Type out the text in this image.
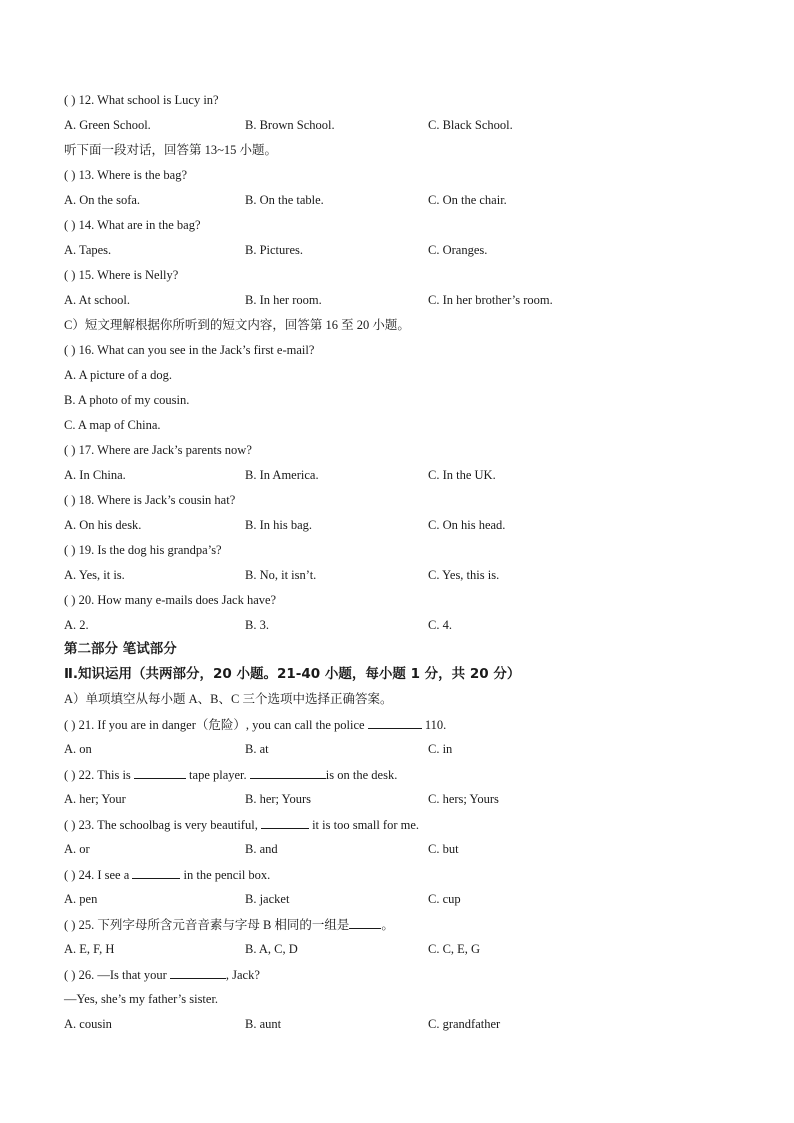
( ) 12. What school is Lucy in?
A. Green School.	B. Brown School.	C. Black School.
听下面一段对话，回答第 13~15 小题。
( ) 13. Where is the bag?
A. On the sofa.	B. On the table.	C. On the chair.
( ) 14. What are in the bag?
A. Tapes.	B. Pictures.	C. Oranges.
( ) 15. Where is Nelly?
A. At school.	B. In her room.	C. In her brother’s room.
C）短文理解根据你所听到的短文内容，回答第 16 至 20 小题。
( ) 16. What can you see in the Jack’s first e-mail?
A. A picture of a dog.
B. A photo of my cousin.
C. A map of China.
( ) 17. Where are Jack’s parents now?
A. In China.	B. In America.	C. In the UK.
( ) 18. Where is Jack’s cousin hat?
A. On his desk.	B. In his bag.	C. On his head.
( ) 19. Is the dog his grandpa’s?
A. Yes, it is.	B. No, it isn’t.	C. Yes, this is.
( ) 20. How many e-mails does Jack have?
A. 2.	B. 3.	C. 4.
第二部分 笔试部分
Ⅱ.知识运用（共两部分，20 小题。21-40 小题，每小题 1 分，共 20 分）
A）单项填空从每小题 A、B、C 三个选项中选择正确答案。
( ) 21. If you are in danger（危险）, you can call the police	110.
A. on	B. at	C. in
( ) 22. This is	tape player.	is on the desk.
A. her; Your	B. her; Yours	C. hers; Yours
( ) 23. The schoolbag is very beautiful,	it is too small for me.
A. or	B. and	C. but
( ) 24. I see a	in the pencil box.
A. pen	B. jacket	C. cup
( ) 25. 下列字母所含元音音素与字母 B 相同的一组是	。
A. E, F, H	B. A, C, D	C. C, E, G
( ) 26. —Is that your	, Jack?
—Yes, she’s my father’s sister.
A. cousin	B. aunt	C. grandfather
